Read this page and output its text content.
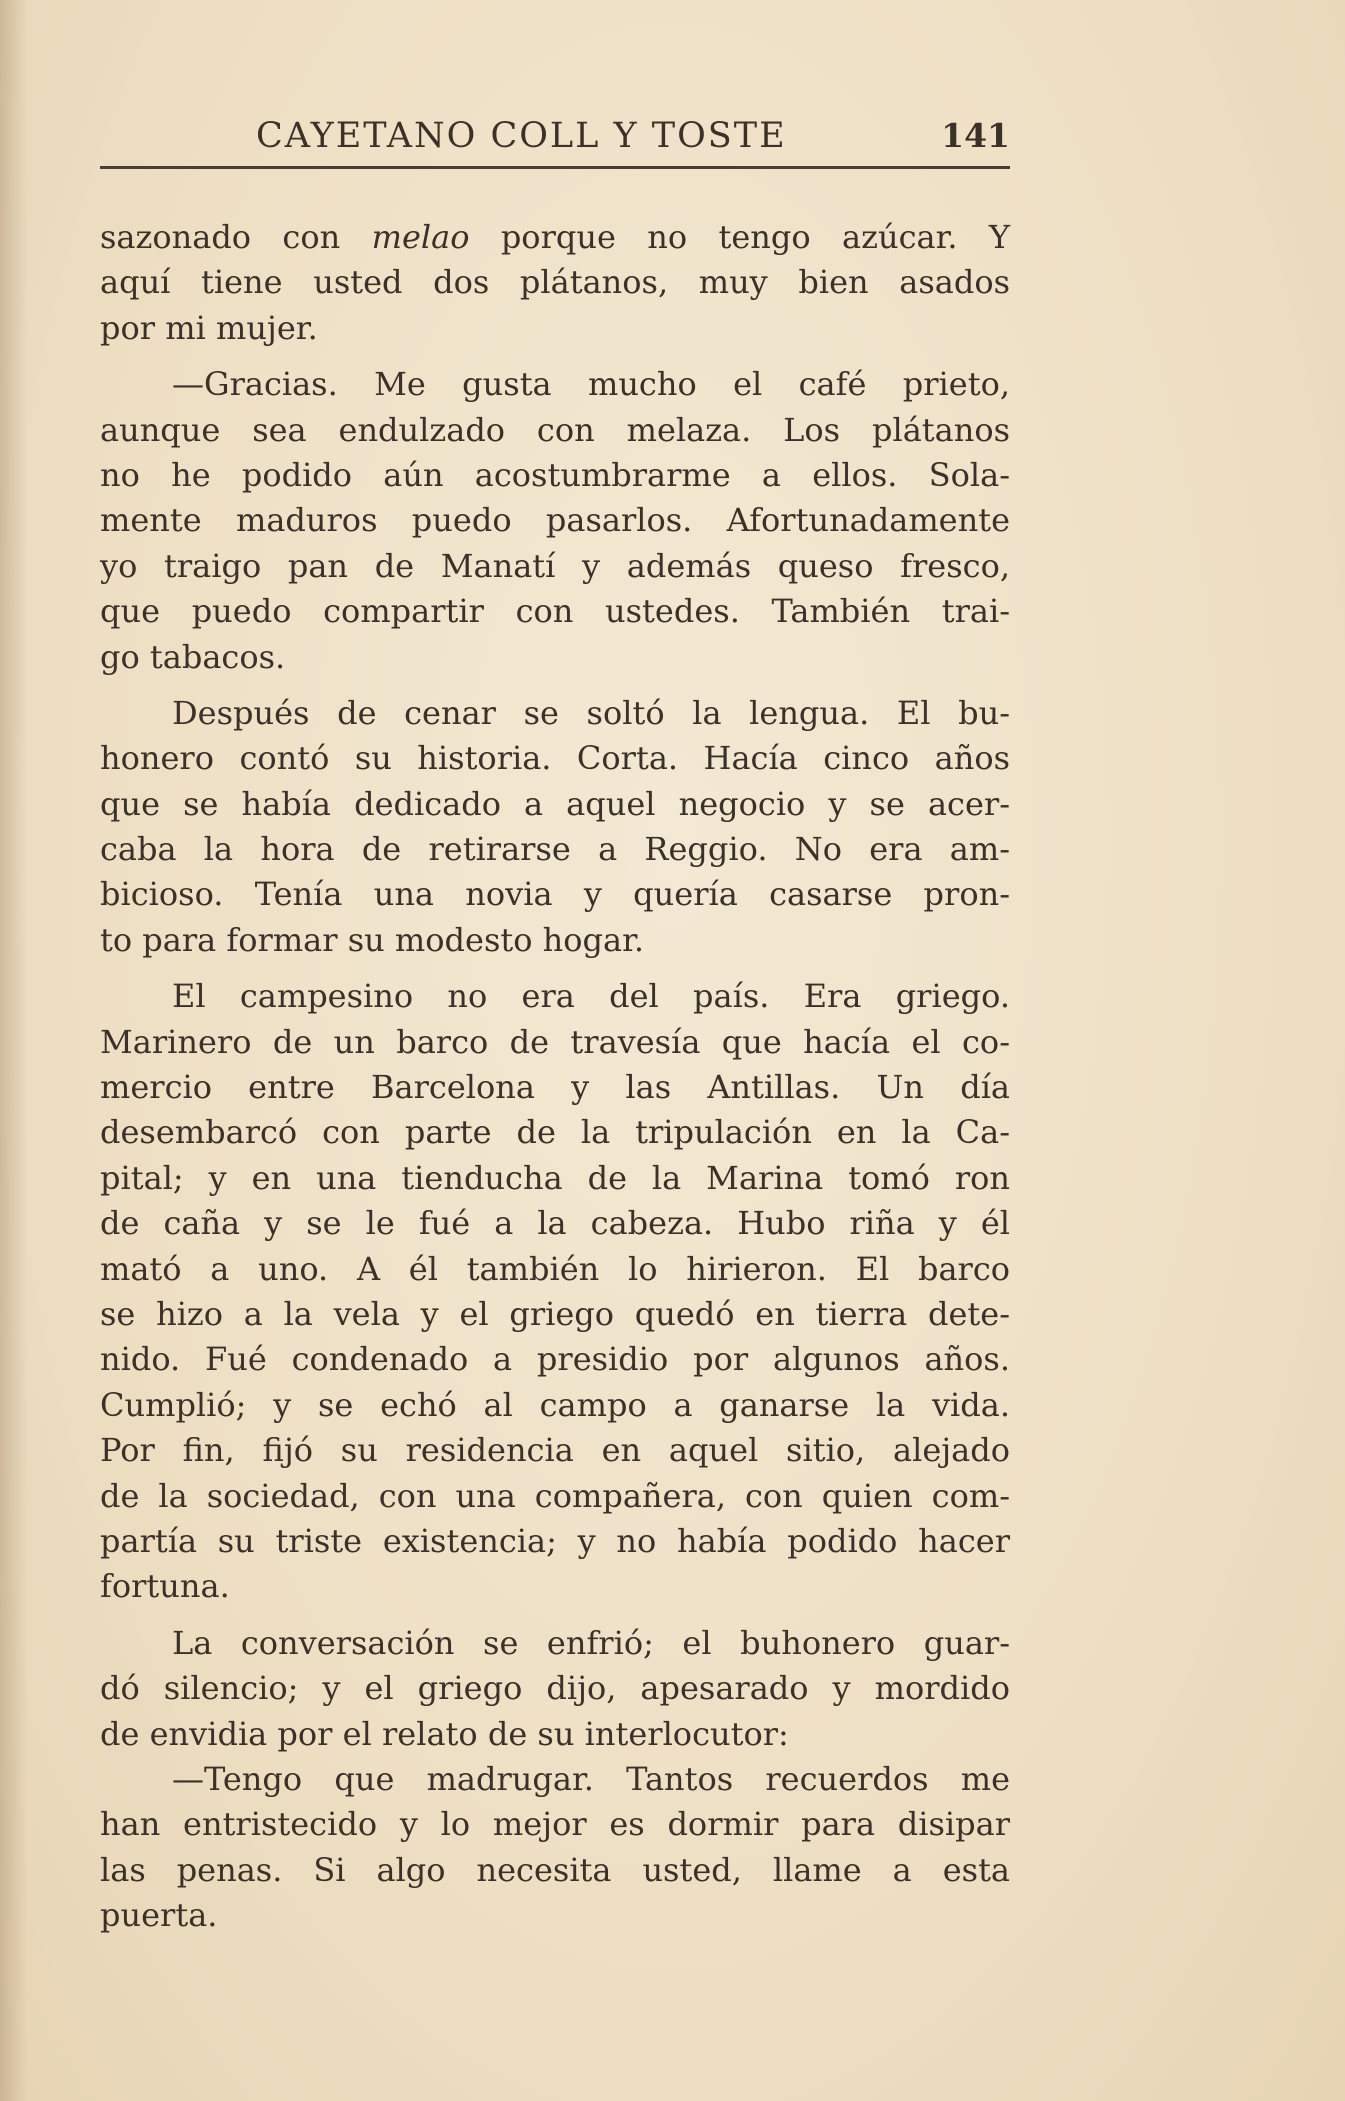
CAYETANO COLL Y TOSTE	141
sazonado con melao porque no tengo azúcar. Y
aquí tiene usted dos plátanos, muy bien asados
por mi mujer.
—Gracias. Me gusta mucho el café prieto,
aunque sea endulzado con melaza. Los plátanos
no he podido aún acostumbrarme a ellos. Sola-
mente maduros puedo pasarlos. Afortunadamente
yo traigo pan de Manatí y además queso fresco,
que puedo compartir con ustedes. También trai-
go tabacos.
Después de cenar se soltó la lengua. El bu-
honero contó su historia. Corta. Hacía cinco años
que se había dedicado a aquel negocio y se acer-
caba la hora de retirarse a Reggio. No era am-
bicioso. Tenía una novia y quería casarse pron-
to para formar su modesto hogar.
El campesino no era del país. Era griego.
Marinero de un barco de travesía que hacía el co-
mercio entre Barcelona y las Antillas. Un día
desembarcó con parte de la tripulación en la Ca-
pital; y en una tienducha de la Marina tomó ron
de caña y se le fué a la cabeza. Hubo riña y él
mató a uno. A él también lo hirieron. El barco
se hizo a la vela y el griego quedó en tierra dete-
nido. Fué condenado a presidio por algunos años.
Cumplió; y se echó al campo a ganarse la vida.
Por fin, fijó su residencia en aquel sitio, alejado
de la sociedad, con una compañera, con quien com-
partía su triste existencia; y no había podido hacer
fortuna.
La conversación se enfrió; el buhonero guar-
dó silencio; y el griego dijo, apesarado y mordido
de envidia por el relato de su interlocutor:
—Tengo que madrugar. Tantos recuerdos me
han entristecido y lo mejor es dormir para disipar
las penas. Si algo necesita usted, llame a esta
puerta.
